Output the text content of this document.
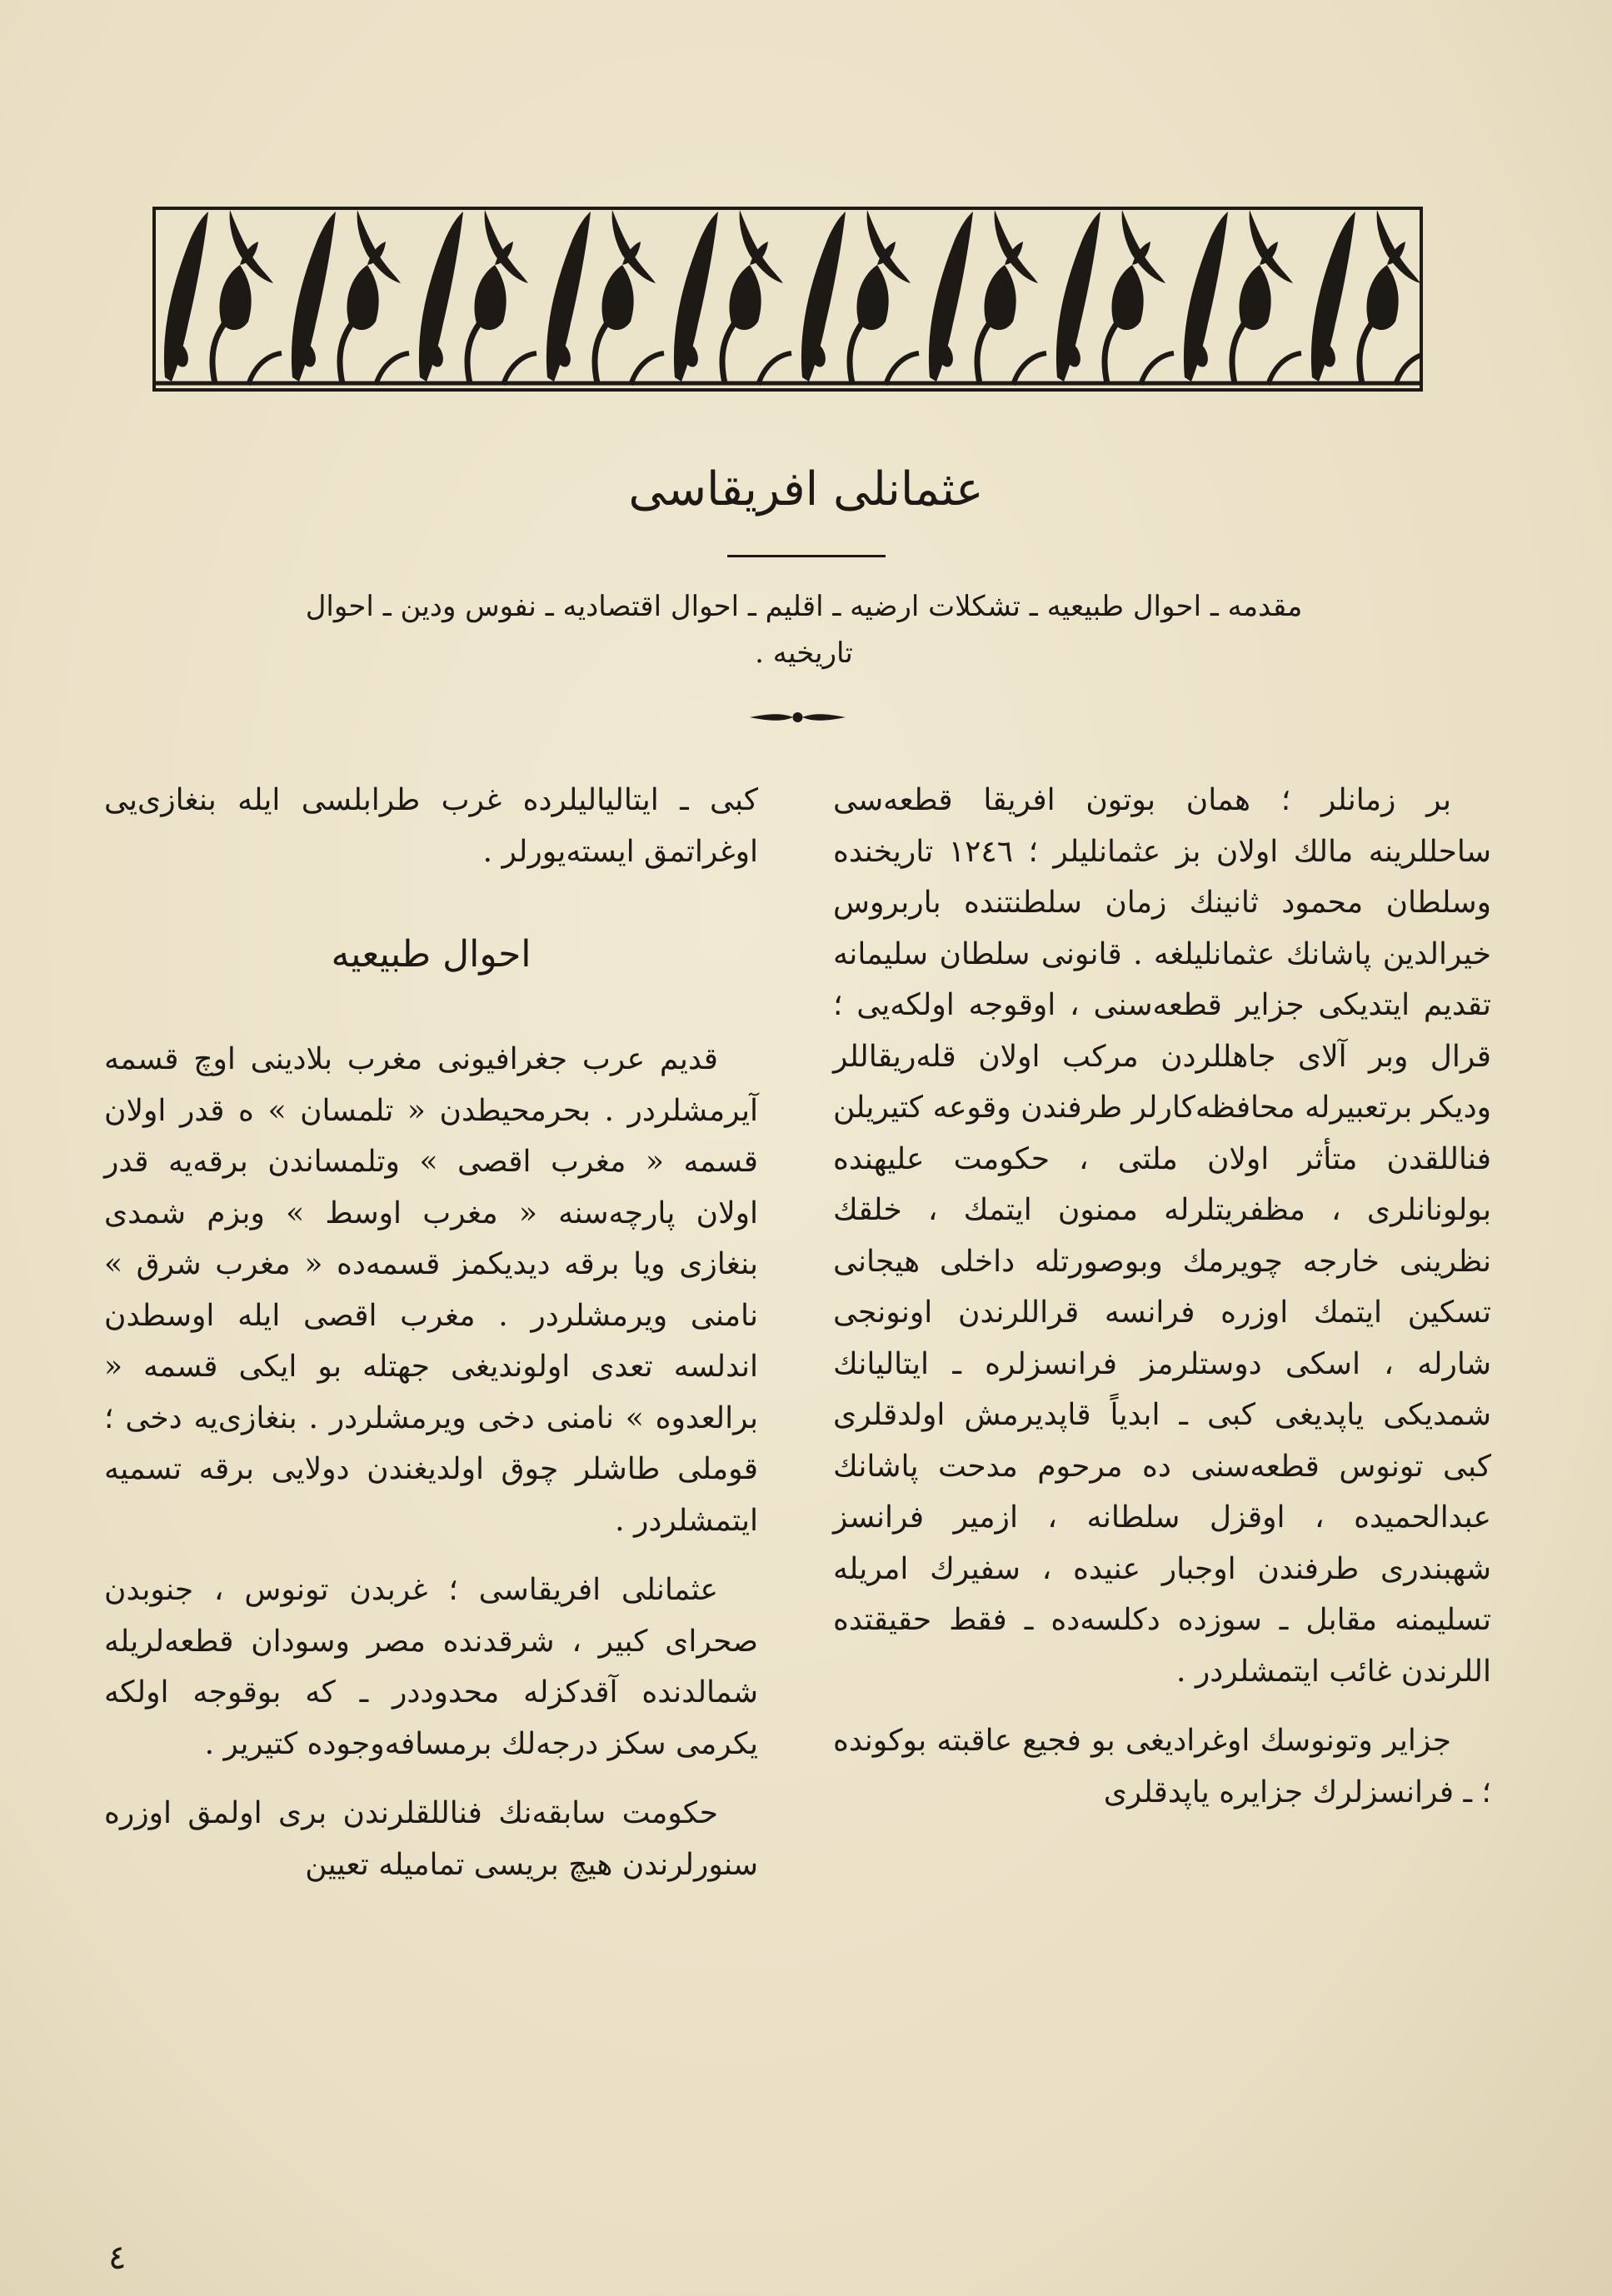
عثمانلی افریقاسی
مقدمه ـ احوال طبیعیه ـ تشکلات ارضیه ـ اقلیم ـ احوال اقتصادیه ـ نفوس ودین ـ احوال تاریخیه .

بر زمانلر ؛ همان بوتون افریقا قطعه‌سی ساحللرینه مالك اولان بز عثمانلیلر ؛ ١٢٤٦ تاریخنده وسلطان محمود ثانینك زمان سلطنتنده باربروس خیرالدین پاشانك عثمانلیلغه . قانونی سلطان سلیمانه تقدیم ایتدیکی جزایر قطعه‌سنی ، اوقوجه اولکه‌یی ؛ قرال وبر آلای جاهللردن مرکب اولان قله‌ریقاللر ودیکر برتعبیرله محافظه‌کارلر طرفندن وقوعه کتیریلن فناللقدن متأثر اولان ملتی ، حکومت علیهنده بولونانلری ، مظفریتلرله ممنون ایتمك ، خلقك نظرینی خارجه چویرمك وبوصورتله داخلی هیجانی تسکین ایتمك اوزره فرانسه قراللرندن اونونجی شارله ، اسکی دوستلرمز فرانسزلره ـ ایتالیانك شمدیکی یاپدیغی کبی ـ ابدیاً قاپدیرمش اولدقلری کبی تونوس قطعه‌سنی ده مرحوم مدحت پاشانك عبدالحمیده ، اوقزل سلطانه ، ازمیر فرانسز شهبندری طرفندن اوجبار عنیده ، سفیرك امریله تسلیمنه مقابل ـ سوزده دکلسه‌ده ـ فقط حقیقتده اللرندن غائب ایتمشلردر .

جزایر وتونوسك اوغرادیغی بو فجیع عاقبته بوکونده ؛ ـ فرانسزلرك جزایره یاپدقلری

کبی ـ ایتالیالیلرده غرب طرابلسی ایله بنغازی‌یی اوغراتمق ایسته‌یورلر .

احوال طبیعیه

قدیم عرب جغرافیونی مغرب بلادینی اوچ قسمه آیرمشلردر . بحرمحیطدن « تلمسان » ه قدر اولان قسمه « مغرب اقصی » وتلمساندن برقه‌یه قدر اولان پارچه‌سنه « مغرب اوسط » وبزم شمدی بنغازی ویا برقه دیدیکمز قسمه‌ده « مغرب شرق » نامنی ویرمشلردر . مغرب اقصی ایله اوسطدن اندلسه تعدی اولوندیغی جهتله بو ایکی قسمه « برالعدوه » نامنی دخی ویرمشلردر . بنغازی‌یه دخی ؛ قوملی طاشلر چوق اولدیغندن دولایی برقه تسمیه ایتمشلردر .

عثمانلی افریقاسی ؛ غربدن تونوس ، جنوبدن صحرای کبیر ، شرقدنده مصر وسودان قطعه‌لریله شمالدنده آقدکزله محدوددر ـ که بوقوجه اولکه یکرمی سکز درجه‌لك برمسافه‌وجوده کتیریر .

حکومت سابقه‌نك فناللقلرندن بری اولمق اوزره سنورلرندن هیچ بریسی تمامیله تعیین

٤
